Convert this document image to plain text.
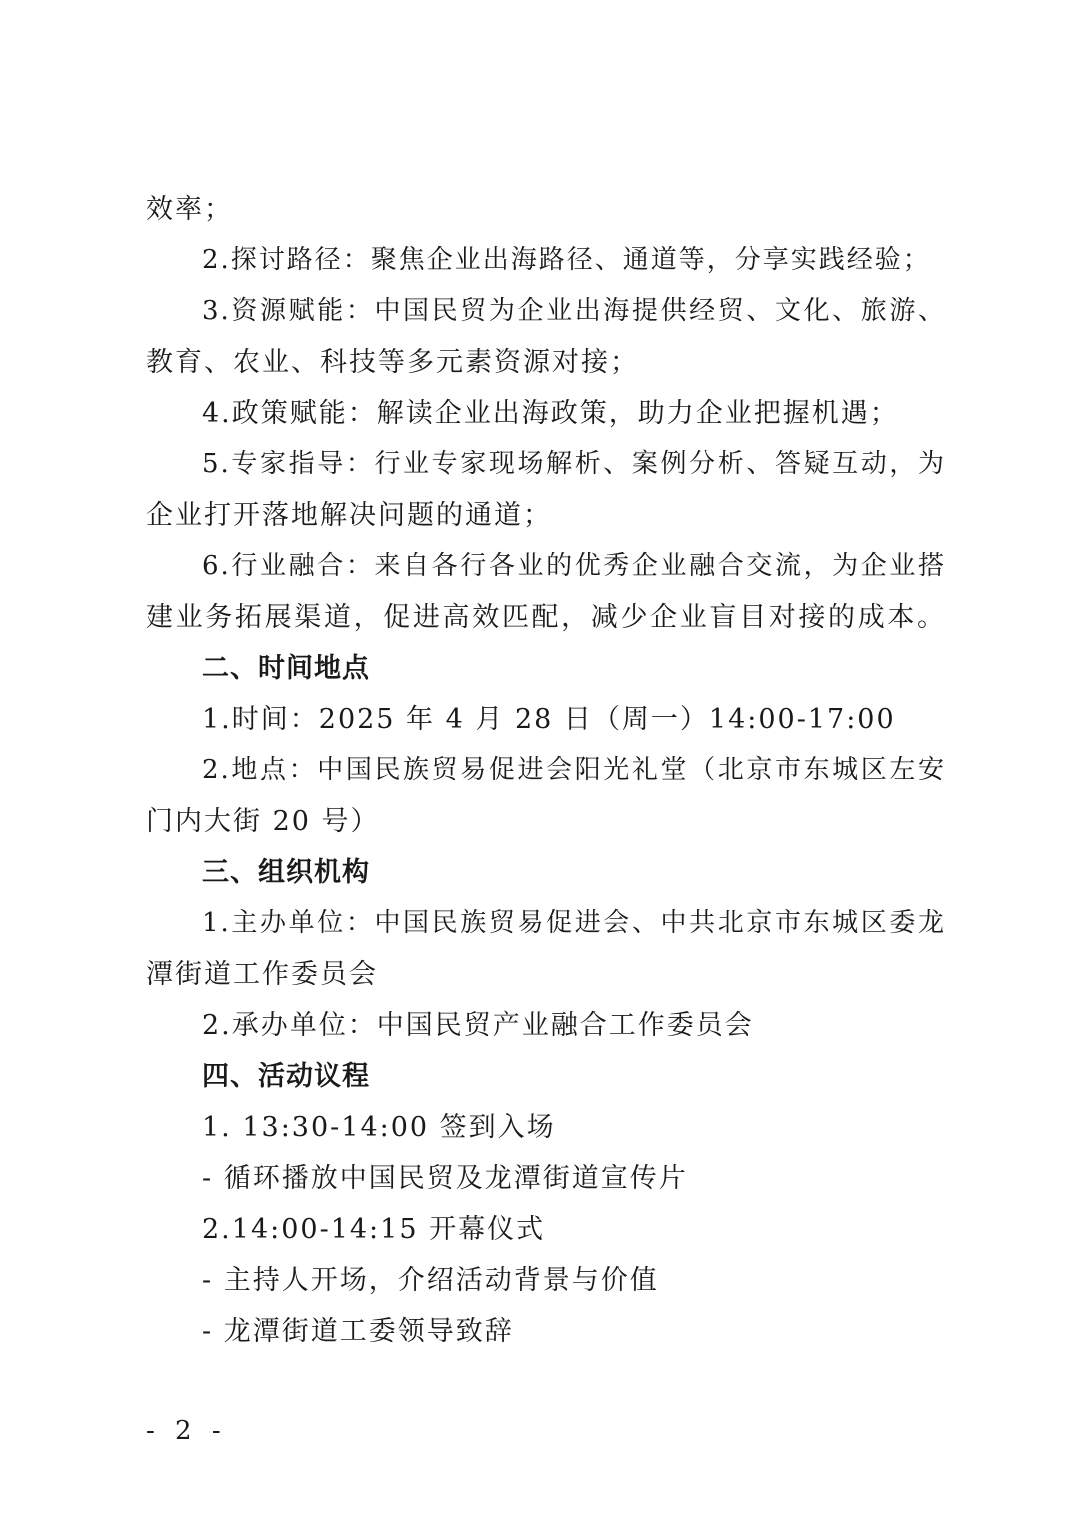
效率；
2.探讨路径：聚焦企业出海路径、通道等，分享实践经验；
3.资源赋能：中国民贸为企业出海提供经贸、文化、旅游、
教育、农业、科技等多元素资源对接；
4.政策赋能：解读企业出海政策，助力企业把握机遇；
5.专家指导：行业专家现场解析、案例分析、答疑互动，为
企业打开落地解决问题的通道；
6.行业融合：来自各行各业的优秀企业融合交流，为企业搭
建业务拓展渠道，促进高效匹配，减少企业盲目对接的成本。
二、时间地点
1.时间：2025 年 4 月 28 日（周一）14:00-17:00
2.地点：中国民族贸易促进会阳光礼堂（北京市东城区左安
门内大街 20 号）
三、组织机构
1.主办单位：中国民族贸易促进会、中共北京市东城区委龙
潭街道工作委员会
2.承办单位：中国民贸产业融合工作委员会
四、活动议程
1. 13:30-14:00 签到入场
- 循环播放中国民贸及龙潭街道宣传片
2.14:00-14:15 开幕仪式
- 主持人开场，介绍活动背景与价值
- 龙潭街道工委领导致辞
- 2 -
